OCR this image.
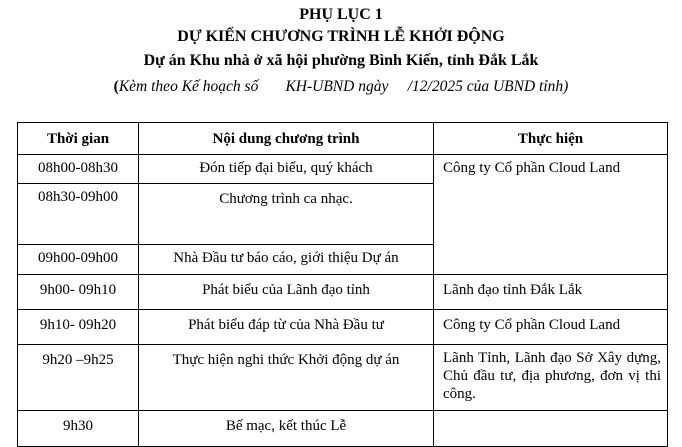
PHỤ LỤC 1
DỰ KIẾN CHƯƠNG TRÌNH LỄ KHỞI ĐỘNG
Dự án Khu nhà ở xã hội phường Bình Kiến, tỉnh Đắk Lắk
(Kèm theo Kế hoạch số       KH-UBND ngày     /12/2025 của UBND tỉnh)
Thời gian	Nội dung chương trình	Thực hiện
08h00-08h30	Đón tiếp đại biểu, quý khách	Công ty Cổ phần Cloud Land
08h30-09h00	Chương trình ca nhạc.	
09h00-09h00	Nhà Đầu tư báo cáo, giới thiệu Dự án	
9h00- 09h10	Phát biểu của Lãnh đạo tỉnh	Lãnh đạo tỉnh Đắk Lắk
9h10- 09h20	Phát biểu đáp từ của Nhà Đầu tư	Công ty Cổ phần Cloud Land
9h20 –9h25	Thực hiện nghi thức Khởi động dự án	Lãnh Tỉnh, Lãnh đạo Sở Xây dựng, Chủ đầu tư, địa phương, đơn vị thi công.
9h30	Bế mạc, kết thúc Lễ	
